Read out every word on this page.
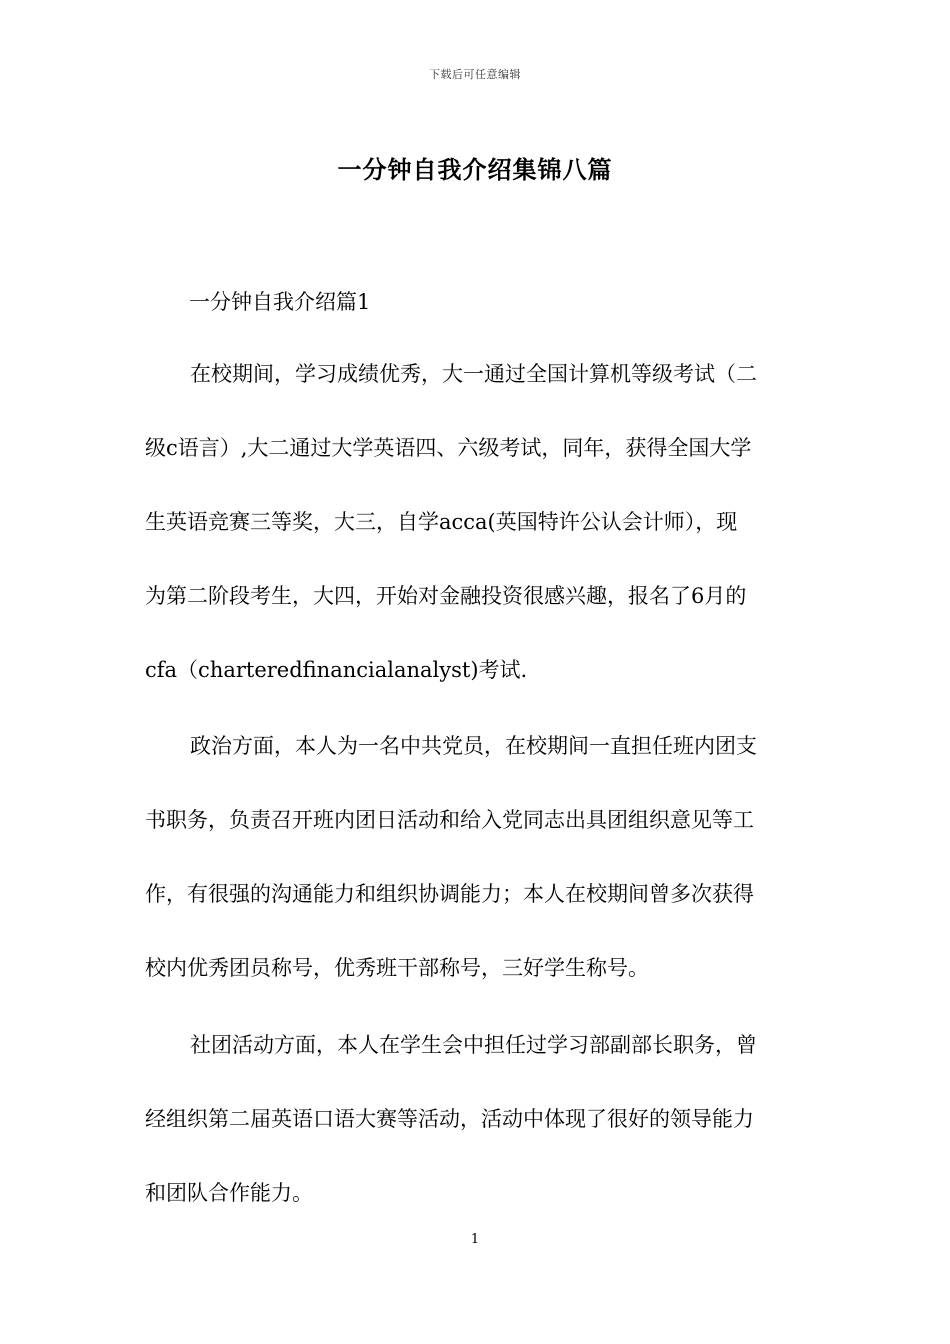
下载后可任意编辑
一分钟自我介绍集锦八篇
一分钟自我介绍篇1
在校期间，学习成绩优秀，大一通过全国计算机等级考试（二
级c语言）,大二通过大学英语四、六级考试，同年，获得全国大学
生英语竞赛三等奖，大三，自学acca(英国特许公认会计师），现
为第二阶段考生，大四，开始对金融投资很感兴趣，报名了6月的
cfa（charteredfinancialanalyst)考试.
政治方面，本人为一名中共党员，在校期间一直担任班内团支
书职务，负责召开班内团日活动和给入党同志出具团组织意见等工
作，有很强的沟通能力和组织协调能力；本人在校期间曾多次获得
校内优秀团员称号，优秀班干部称号，三好学生称号。
社团活动方面，本人在学生会中担任过学习部副部长职务，曾
经组织第二届英语口语大赛等活动，活动中体现了很好的领导能力
和团队合作能力。
1
